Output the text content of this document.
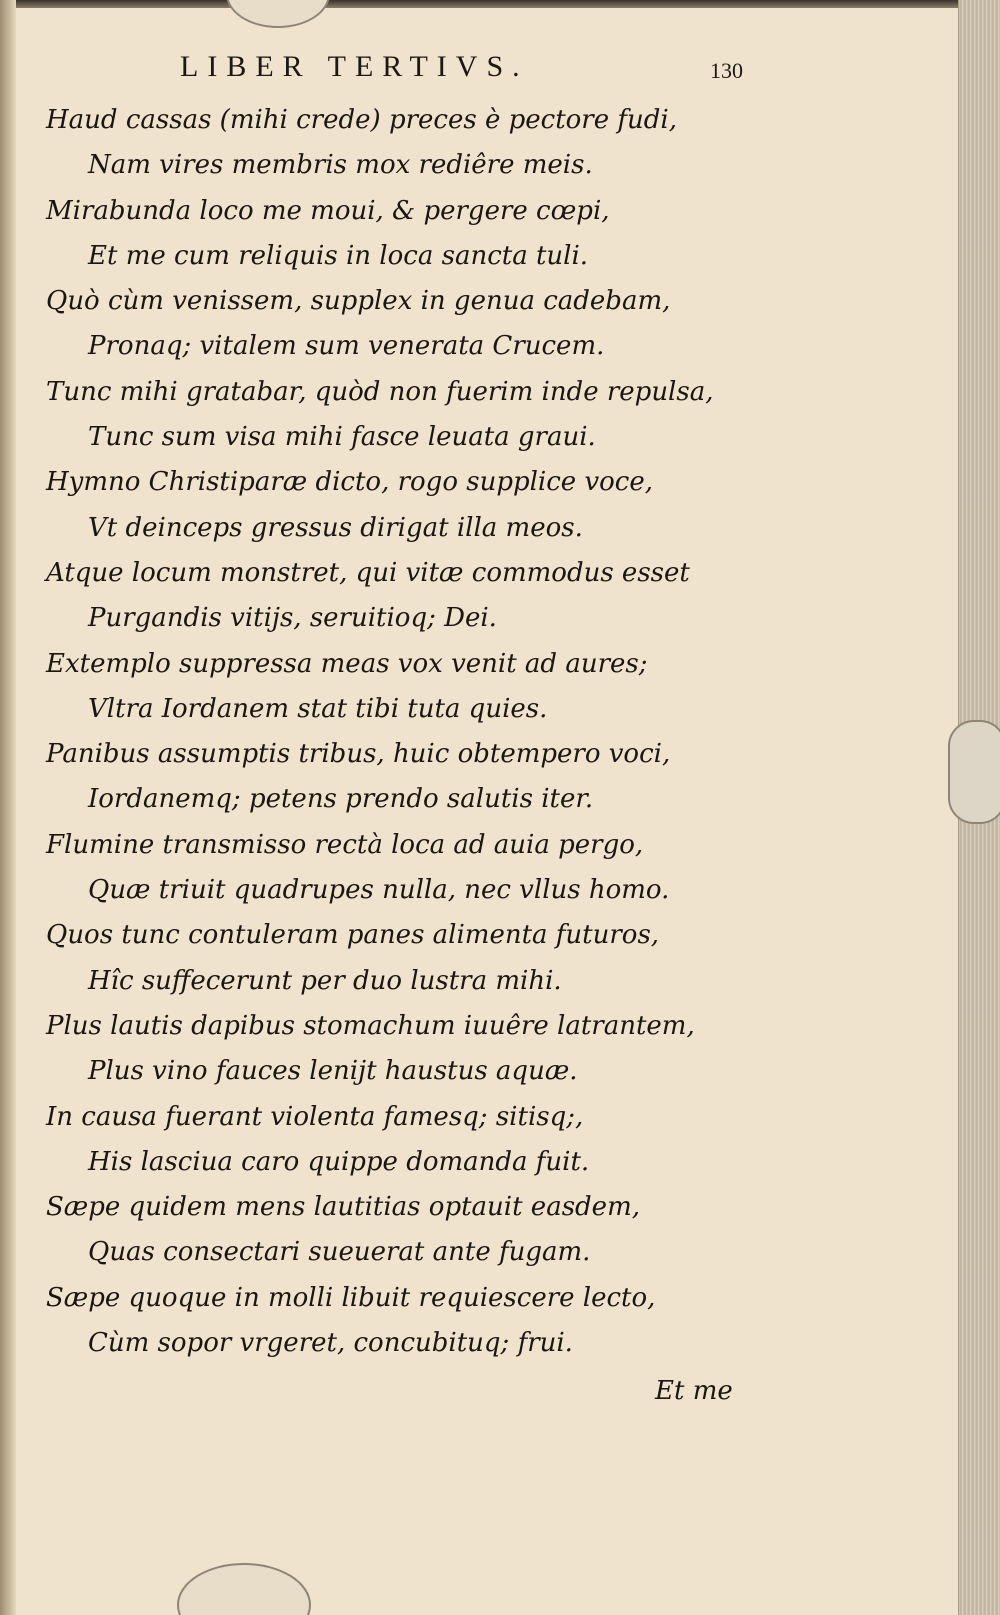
LIBER TERTIVS.	130
Haud cassas (mihi crede) preces è pectore fudi,
Nam vires membris mox rediêre meis.
Mirabunda loco me moui, & pergere cœpi,
Et me cum reliquis in loca sancta tuli.
Quò cùm venissem, supplex in genua cadebam,
Pronaq; vitalem sum venerata Crucem.
Tunc mihi gratabar, quòd non fuerim inde repulsa,
Tunc sum visa mihi fasce leuata graui.
Hymno Christiparæ dicto, rogo supplice voce,
Vt deinceps gressus dirigat illa meos.
Atque locum monstret, qui vitæ commodus esset
Purgandis vitijs, seruitioq; Dei.
Extemplo suppressa meas vox venit ad aures;
Vltra Iordanem stat tibi tuta quies.
Panibus assumptis tribus, huic obtempero voci,
Iordanemq; petens prendo salutis iter.
Flumine transmisso rectà loca ad auia pergo,
Quæ triuit quadrupes nulla, nec vllus homo.
Quos tunc contuleram panes alimenta futuros,
Hîc suffecerunt per duo lustra mihi.
Plus lautis dapibus stomachum iuuêre latrantem,
Plus vino fauces lenijt haustus aquæ.
In causa fuerant violenta famesq; sitisq;,
His lasciua caro quippe domanda fuit.
Sæpe quidem mens lautitias optauit easdem,
Quas consectari sueuerat ante fugam.
Sæpe quoque in molli libuit requiescere lecto,
Cùm sopor vrgeret, concubituq; frui.
Et me
